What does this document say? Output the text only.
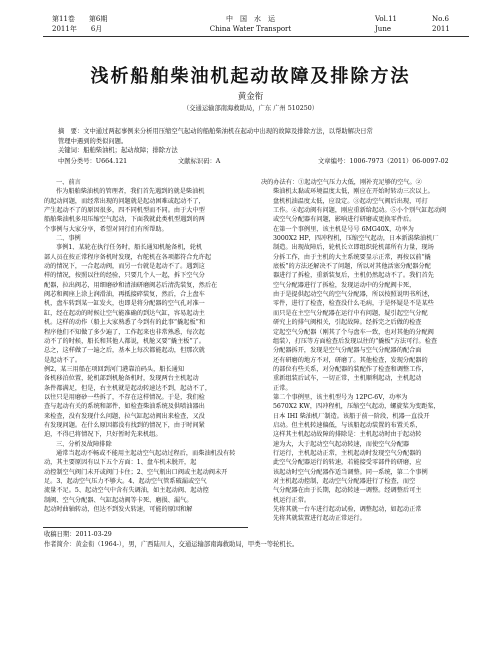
第11卷　　第6期
2011年　　6月
中　国　水　运
China Water Transport
Vol.11
June
No.6
2011
浅析船舶柴油机起动故障及排除方法
黄金衔
（交通运输部南海救助局，广东 广州 510250）
摘　要：文中通过两起事例来分析用压缩空气起动的船舶柴油机在起动中出现的故障及排除方法，以帮助解决日常
管理中遇到的类似问题。
关键词：船舶柴油机；起动故障；排除方法
中图分类号：U664.121	文献标识码：A	文章编号：1006-7973（2011）06-0097-02

一、前言

作为船舶柴油机的管理者，我们首先遇到的就是柴油机

的起动问题，而经常出现的问题就是起动困难或起动不了，

产生起动不了的原因很多，四不同机型而不同。由于大中型

船舶柴油机多用压缩空气起动，下面我就此类机型遇到的两

个事例与大家分享，希望对同行们有所帮助。

二、事例

事例1、某轮在执行任务时，船长通知机舱备机，轮机

部人员在按正常程序备机时发现，右舵机在各项都符合允许起

动的情况下，一合起动阀，而另一台就是起动不了。遇到这

样的情况，按照以往的经验，只要几个人一起，拆下空气分

配器，拉出阀芯，用细磨砂和清油研磨阀芯后清洗装复，然后在

阀芯和阀座上涂上润滑油，再抵接碎装复，然后，合上盘车

机，盘车转到某一缸发火，也即是将分配器的空气孔对准一

缸，经在起动的时候让空气能准确的到达气缸，容易起动主

机。这样的动作（船上大家熟悉了今到有的此事“撬起板”和

程序他们不知做了多少遍了，工作起来也非常熟悉，每次起

动不了的时候，船长和其他人都说，机舱又要“撬主板”了。

总之，这样做了一遍之后，基本上每次都能起动，但那次就

是起动不了。

例2，某三用船在项回到河门港靠泊码头，船长通知

备机移泊位置，轮机部到机舱备机时，发现两台主机起动

条件都满足，但是，右主机就是起动转速达不到，起动不了，

以往只是用磨砂一些拆了，不存在这样情况。于是，我们检

查与起动有关的系统和部件，如检查柴油系统及供喷油器出

来检查，没有发现什么问题，拉气缸起动阀出来检查，又没

有发现问题。在什么原因都没有找到的情况下，由于时间紧

迫，不得已将情况下，只好暂时先来机组。

三、分析及故障排除

通常当起动不畅或不能用主起动空气起动过程后，而柴油机没有转

动，其主要原因有以下五个方面：1、盘车机未脱开，起

动控制空气阀门未开或阀门卡住；2、空气瓶出口阀或主起动阀未开

足。3、起动空气压力不够大。4、起动空气管系破漏或空气

流量不足。5、起动空气中含有失调油，如主起动阀、起动控

制阀、空气分配器、气缸起动阀等卡死、磨损、漏气。

起动时曲轴转动，但达不到发火转速，可能的原因和解

决的办法有：①起动空气压力大低，刚补充足够的空气。②

柴油机太黏或环境温度太低，刚应在开始时转动三次以上。

盘机机油温度太低，应设定。③起动空气阀后出现，可打

工作。④起动阀有问题，刚应重新给起动。⑤小个别气缸起动阀

或空气分配器有问题，影响进行研磨或更换零件后。

在第一个事例里，该主机是号号 6MG40X，功率为

3000X2 HP，四冲程机，压缩空气起动，日本新潟柴油机厂

制造。出现故障后，轮机长立即组织轮机部所有力量，现场

分拆工作，由于主机的大主系统要显示正常，再按以前“撬

底板”的方法还解决不了问题，所以对其他活塞分配器分配

器进行了拆检，重新装复后，主机仍然起动不了。我们首先

空气分配器进行了拆检，发现运动中的分配阀卡死，

由于是提供起动空气的空气分配器，所以按照说明书所述，

零件，进行了检查，检查没什么毛病，于是怀疑是不是某些

而只是在主空气分配器在运行中有问题，疑引起空气分配

研究上的排气阀相关，引起故障。经拆完之后做的检查

定起空气分配器（刚其了个与盘车一致，也对其他的分配阀

组装），打压等方面检查后发现以往的“撬板”方法可行。检查

分配器拆开，发现是空气分配器与空气分配器的配合面

还有研磨的地方不对，研磨了。其他检查，发现分配器的

的部位有些关系，对分配器的装配作了检查和调整工作，

重新组装后试车，一切正常，主机顺利起动，主机起动

正常。

第二个事例里，该主机型号为 12PC-6V，功率为

5670X2 KW，四冲程机，压缩空气起动，螺旋桨为变距桨，

日本 IHI 柴油机厂制造。该船于前一阶段，机器一直没开

启动。但主机转速偏低，与该船起动装置的布置关系，

这样其主机起动故障的排除是：主机起动时由于起动转

速为大，大于起动空气起动转速，而使空气分配器

行运行，主机起动正常，主机起动时发现空气分配器的

此空气分配器运行的转速，若能接受零部件的研磨，应

该起动时空气分配器作适当调整。同一系统，第二个事例

对主机起动控制，起动空气分配器进行了检查，而空

气分配器在由于长期，起动转速一调整。经调整后可主

机运行正常。

先将其就一台车进行起动试验，调整起动，如起动正常

先将其就装置进行起动正常运行。

收稿日期：2011-03-29
作者简介：黄金衔（1964-），男，广西陆川人，交通运输部南海救助局，甲类一等轮机长。
